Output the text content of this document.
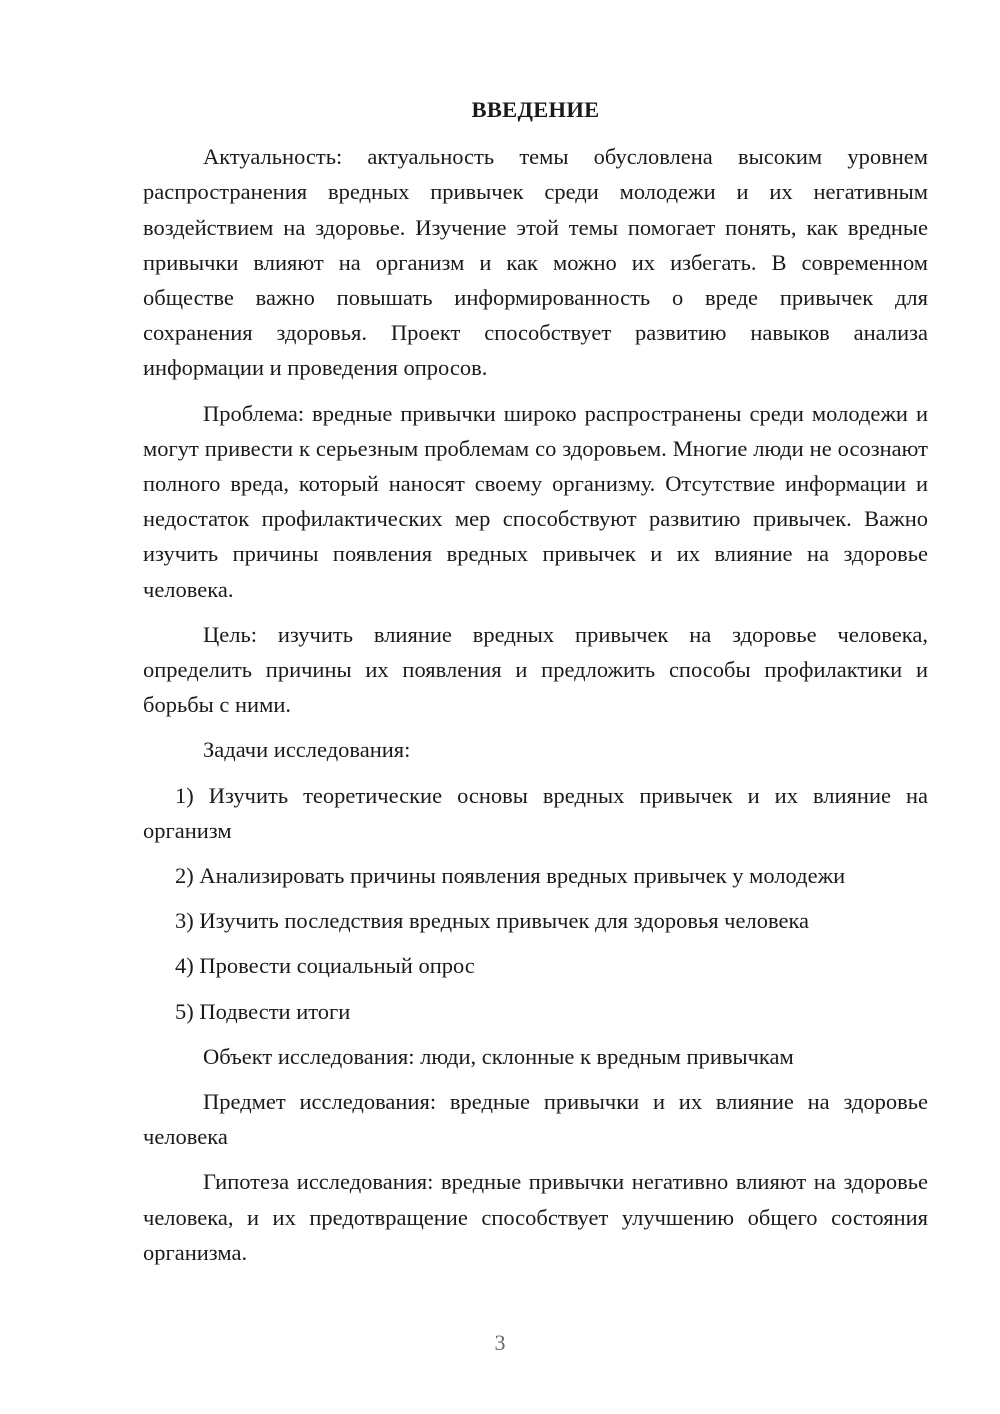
ВВЕДЕНИЕ
Актуальность: актуальность темы обусловлена высоким уровнем распространения вредных привычек среди молодежи и их негативным воздействием на здоровье. Изучение этой темы помогает понять, как вредные привычки влияют на организм и как можно их избегать. В современном обществе важно повышать информированность о вреде привычек для сохранения здоровья. Проект способствует развитию навыков анализа информации и проведения опросов.
Проблема: вредные привычки широко распространены среди молодежи и могут привести к серьезным проблемам со здоровьем. Многие люди не осознают полного вреда, который наносят своему организму. Отсутствие информации и недостаток профилактических мер способствуют развитию привычек. Важно изучить причины появления вредных привычек и их влияние на здоровье человека.
Цель: изучить влияние вредных привычек на здоровье человека, определить причины их появления и предложить способы профилактики и борьбы с ними.
Задачи исследования:
1) Изучить теоретические основы вредных привычек и их влияние на организм
2) Анализировать причины появления вредных привычек у молодежи
3) Изучить последствия вредных привычек для здоровья человека
4) Провести социальный опрос
5) Подвести итоги
Объект исследования: люди, склонные к вредным привычкам
Предмет исследования: вредные привычки и их влияние на здоровье человека
Гипотеза исследования: вредные привычки негативно влияют на здоровье человека, и их предотвращение способствует улучшению общего состояния организма.
3
